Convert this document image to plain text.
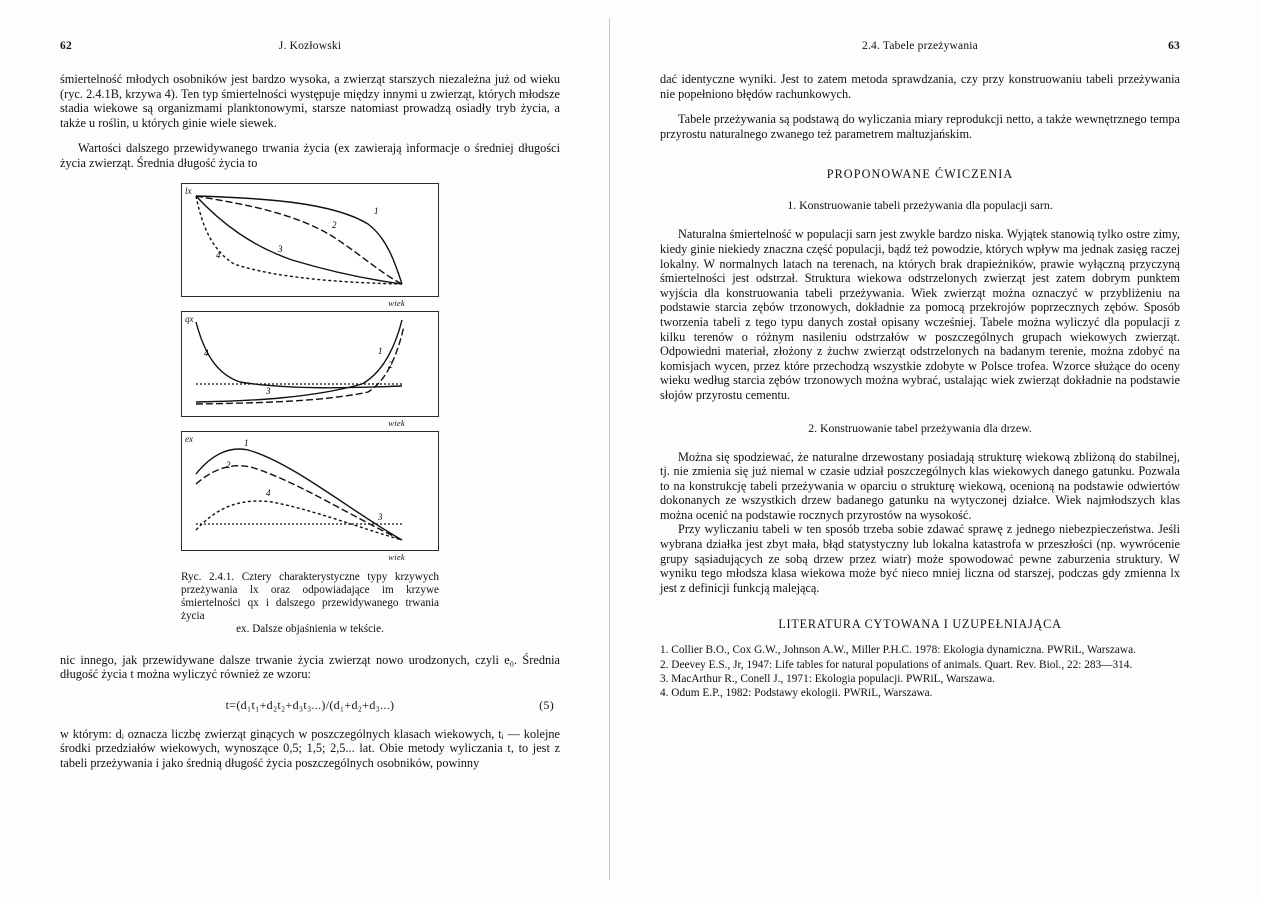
62	J. Kozłowski

śmiertelność młodych osobników jest bardzo wysoka, a zwierząt starszych niezależna już od wieku (ryc. 2.4.1B, krzywa 4). Ten typ śmiertelności występuje między innymi u zwierząt, których młodsze stadia wiekowe są organizmami planktonowymi, starsze natomiast prowadzą osiadły tryb życia, a także u roślin, u których ginie wiele siewek.

Wartości dalszego przewidywanego trwania życia (ex zawierają informacje o średniej długości życia zwierząt. Średnia długość życia to

1
2
3
4
lx
wiek
1
2
3
4
qx
wiek
1
2
3
4
ex
wiek
Ryc. 2.4.1. Cztery charakterystyczne typy krzywych przeżywania lx oraz odpowiadające im krzywe śmiertelności qx i dalszego przewidywanego trwania życia
ex. Dalsze objaśnienia w tekście.

nic innego, jak przewidywane dalsze trwanie życia zwierząt nowo urodzonych, czyli e₀. Średnia długość życia t można wyliczyć również ze wzoru:

t=(d₁t₁+d₂t₂+d₃t₃...)/(d₁+d₂+d₃...)	(5)

w którym: dᵢ oznacza liczbę zwierząt ginących w poszczególnych klasach wiekowych, tᵢ — kolejne środki przedziałów wiekowych, wynoszące 0,5; 1,5; 2,5... lat. Obie metody wyliczania t, to jest z tabeli przeżywania i jako średnią długość życia poszczególnych osobników, powinny

2.4. Tabele przeżywania	63

dać identyczne wyniki. Jest to zatem metoda sprawdzania, czy przy konstruowaniu tabeli przeżywania nie popełniono błędów rachunkowych.

Tabele przeżywania są podstawą do wyliczania miary reprodukcji netto, a także wewnętrznego tempa przyrostu naturalnego zwanego też parametrem maltuzjańskim.

PROPONOWANE ĆWICZENIA
1. Konstruowanie tabeli przeżywania dla populacji sarn.

Naturalna śmiertelność w populacji sarn jest zwykle bardzo niska. Wyjątek stanowią tylko ostre zimy, kiedy ginie niekiedy znaczna część populacji, bądź też powodzie, których wpływ ma jednak zasięg raczej lokalny. W normalnych latach na terenach, na których brak drapieżników, prawie wyłączną przyczyną śmiertelności jest odstrzał. Struktura wiekowa odstrzelonych zwierząt jest zatem dobrym punktem wyjścia dla konstruowania tabeli przeżywania. Wiek zwierząt można oznaczyć w przybliżeniu na podstawie starcia zębów trzonowych, dokładnie za pomocą przekrojów poprzecznych zębów. Sposób tworzenia tabeli z tego typu danych został opisany wcześniej. Tabele można wyliczyć dla populacji z kilku terenów o różnym nasileniu odstrzałów w poszczególnych grupach wiekowych zwierząt. Odpowiedni materiał, złożony z żuchw zwierząt odstrzelonych na badanym terenie, można zdobyć na komisjach wycen, przez które przechodzą wszystkie zdobyte w Polsce trofea. Wzorce służące do oceny wieku według starcia zębów trzonowych można wybrać, ustalając wiek zwierząt dokładnie na podstawie słojów przyrostu cementu.

2. Konstruowanie tabel przeżywania dla drzew.

Można się spodziewać, że naturalne drzewostany posiadają strukturę wiekową zbliżoną do stabilnej, tj. nie zmienia się już niemal w czasie udział poszczególnych klas wiekowych danego gatunku. Pozwala to na konstrukcję tabeli przeżywania w oparciu o strukturę wiekową, ocenioną na podstawie odwiertów dokonanych ze wszystkich drzew badanego gatunku na wytyczonej działce. Wiek najmłodszych klas można ocenić na podstawie rocznych przyrostów na wysokość.

Przy wyliczaniu tabeli w ten sposób trzeba sobie zdawać sprawę z jednego niebezpieczeństwa. Jeśli wybrana działka jest zbyt mała, błąd statystyczny lub lokalna katastrofa w przeszłości (np. wywrócenie grupy sąsiadujących ze sobą drzew przez wiatr) może spowodować pewne zaburzenia struktury. W wyniku tego młodsza klasa wiekowa może być nieco mniej liczna od starszej, podczas gdy zmienna lx jest z definicji funkcją malejącą.

LITERATURA CYTOWANA I UZUPEŁNIAJĄCA
1. Collier B.O., Cox G.W., Johnson A.W., Miller P.H.C. 1978: Ekologia dynamiczna. PWRiL, Warszawa.
2. Deevey E.S., Jr, 1947: Life tables for natural populations of animals. Quart. Rev. Biol., 22: 283—314.
3. MacArthur R., Conell J., 1971: Ekologia populacji. PWRiL, Warszawa.
4. Odum E.P., 1982: Podstawy ekologii. PWRiL, Warszawa.
